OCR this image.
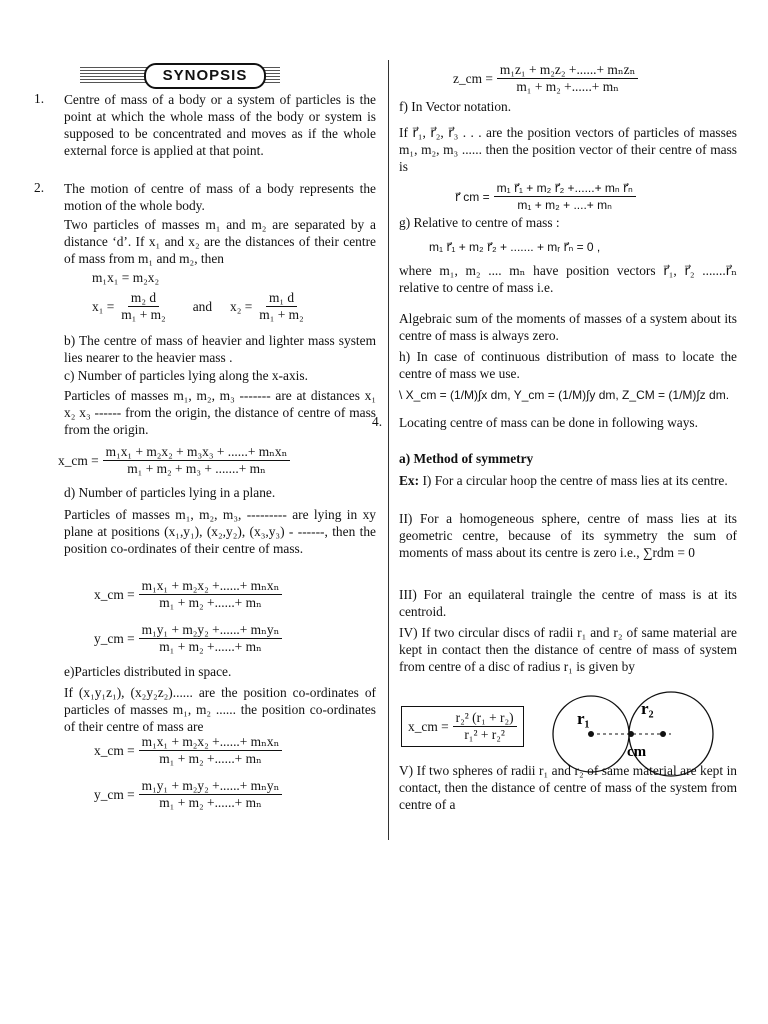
SYNOPSIS
1.	Centre of mass of a body or a system of particles is the point at which the whole mass of the body or system is supposed to be concentrated and moves as if the whole external force is applied at that point.

2.	The motion of centre of mass of a body represents the motion of the whole body.

Two particles of masses m₁ and m₂ are separated by a distance ‘d’. If x₁ and x₂ are the distances of their centre of mass from m₁ and m₂, then

m₁x₁ = m₂x₂
$x_1 = \frac{\text{m₂ d}}{\text{m₁ + m₂}}$ and $x_2 = \frac{\text{m₁ d}}{\text{m₁ + m₂}}$

b) The centre of mass of heavier and lighter mass system lies nearer to the heavier mass .

c) Number of particles lying along the x-axis.

Particles of masses m₁, m₂, m₃ ------- are at distances x₁ x₂ x₃ ------ from the origin, the distance of centre of mass from the origin.

x_cm = $\frac{\text{m₁x₁ + m₂x₂ + m₃x₃ + ......+ mₙxₙ}}{\text{m₁ + m₂ + m₃ + .......+ mₙ}}$

d) Number of particles lying in a plane.

Particles of masses m₁, m₂, m₃, --------- are lying in xy plane at positions (x₁,y₁), (x₂,y₂), (x₃,y₃) - ------, then the position co-ordinates of their centre of mass.

x_cm = $\frac{\text{m₁x₁ + m₂x₂ +......+ mₙxₙ}}{\text{m₁ + m₂ +......+ mₙ}}$
y_cm = $\frac{\text{m₁y₁ + m₂y₂ +......+ mₙyₙ}}{\text{m₁ + m₂ +......+ mₙ}}$

e)Particles distributed in space.

If (x₁y₁z₁), (x₂y₂z₂)...... are the position co-ordinates of particles of masses m₁, m₂ ...... the position co-ordinates of their centre of mass are

x_cm = $\frac{\text{m₁x₁ + m₂x₂ +......+ mₙxₙ}}{\text{m₁ + m₂ +......+ mₙ}}$
y_cm = $\frac{\text{m₁y₁ + m₂y₂ +......+ mₙyₙ}}{\text{m₁ + m₂ +......+ mₙ}}$
z_cm = $\frac{\text{m₁z₁ + m₂z₂ +......+ mₙzₙ}}{\text{m₁ + m₂ +......+ mₙ}}$

f) In Vector notation.

If r⃗₁, r⃗₂, r⃗₃ . . . are the position vectors of particles of masses m₁, m₂, m₃ ...... then the position vector of their centre of mass is

r⃗ cm = $\frac{\text{m₁ r⃗₁ + m₂ r⃗₂ +......+ mₙ r⃗ₙ}}{\text{m₁ + m₂ + ....+ mₙ}}$

g) Relative to centre of mass :

m₁ r⃗₁ + m₂ r⃗₂ + ....... + mᵣ r⃗ₙ = 0 ,

where m₁, m₂ .... mₙ have position vectors r⃗₁, r⃗₂ .......r⃗ₙ relative to centre of mass i.e.

Algebraic sum of the moments of masses of a system about its centre of mass is always zero.

h) In case of continuous distribution of mass to locate the centre of mass we use.

\ X_cm = (1/M)∫x dm, Y_cm = (1/M)∫y dm, Z_CM = (1/M)∫z dm.
4.	Locating centre of mass can be done in following ways.

a) Method of symmetry

Ex: I) For a circular hoop the centre of mass lies at its centre.

II) For a homogeneous sphere, centre of mass lies at its geometric centre, because of its symmetry the sum of moments of mass about its centre is zero i.e., ∑rdm = 0

III) For an equilateral traingle the centre of mass is at its centroid.

IV) If two circular discs of radii r₁ and r₂ of same material are kept in contact then the distance of centre of mass of system from centre of a disc of radius r₁ is given by

x_cm = $\frac{\text{r₂² (r₁ + r₂)}}{\text{r₁² + r₂²}}$	r₁
r₂
cm

V) If two spheres of radii r₁ and r₂ of same material are kept in contact, then the distance of centre of mass of the system from centre of a
